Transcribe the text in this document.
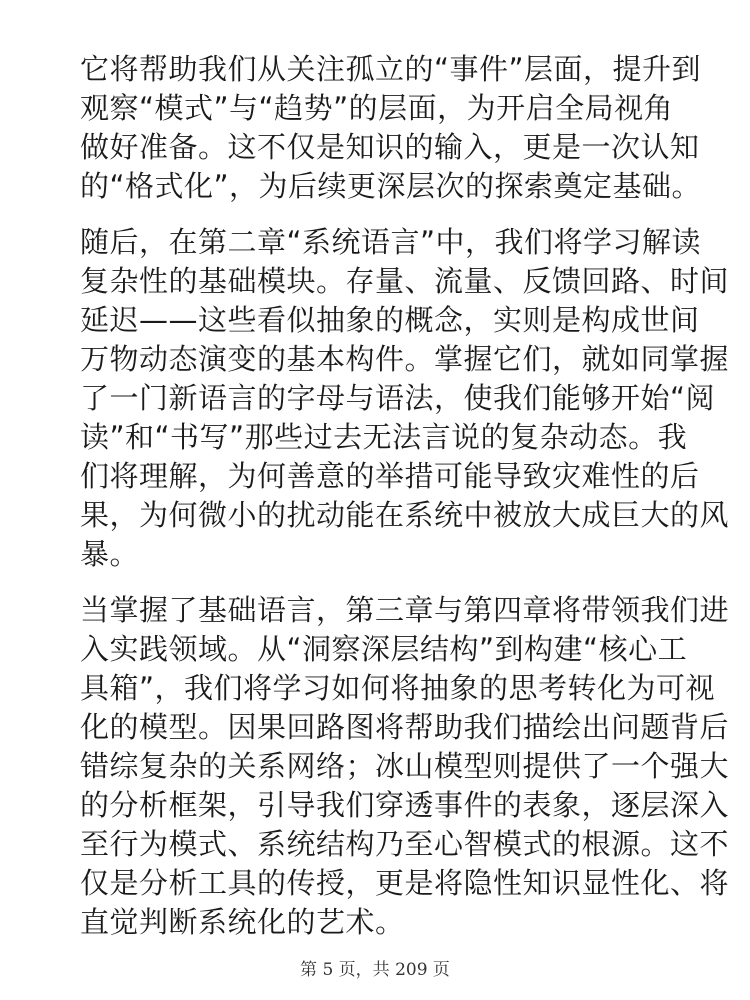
它将帮助我们从关注孤立的“事件”层面，提升到
观察“模式”与“趋势”的层面，为开启全局视角
做好准备。这不仅是知识的输入，更是一次认知
的“格式化”，为后续更深层次的探索奠定基础。
随后，在第二章“系统语言”中，我们将学习解读
复杂性的基础模块。存量、流量、反馈回路、时间
延迟——这些看似抽象的概念，实则是构成世间
万物动态演变的基本构件。掌握它们，就如同掌握
了一门新语言的字母与语法，使我们能够开始“阅
读”和“书写”那些过去无法言说的复杂动态。我
们将理解，为何善意的举措可能导致灾难性的后
果，为何微小的扰动能在系统中被放大成巨大的风
暴。
当掌握了基础语言，第三章与第四章将带领我们进
入实践领域。从“洞察深层结构”到构建“核心工
具箱”，我们将学习如何将抽象的思考转化为可视
化的模型。因果回路图将帮助我们描绘出问题背后
错综复杂的关系网络；冰山模型则提供了一个强大
的分析框架，引导我们穿透事件的表象，逐层深入
至行为模式、系统结构乃至心智模式的根源。这不
仅是分析工具的传授，更是将隐性知识显性化、将
直觉判断系统化的艺术。
第 5 页，共 209 页
